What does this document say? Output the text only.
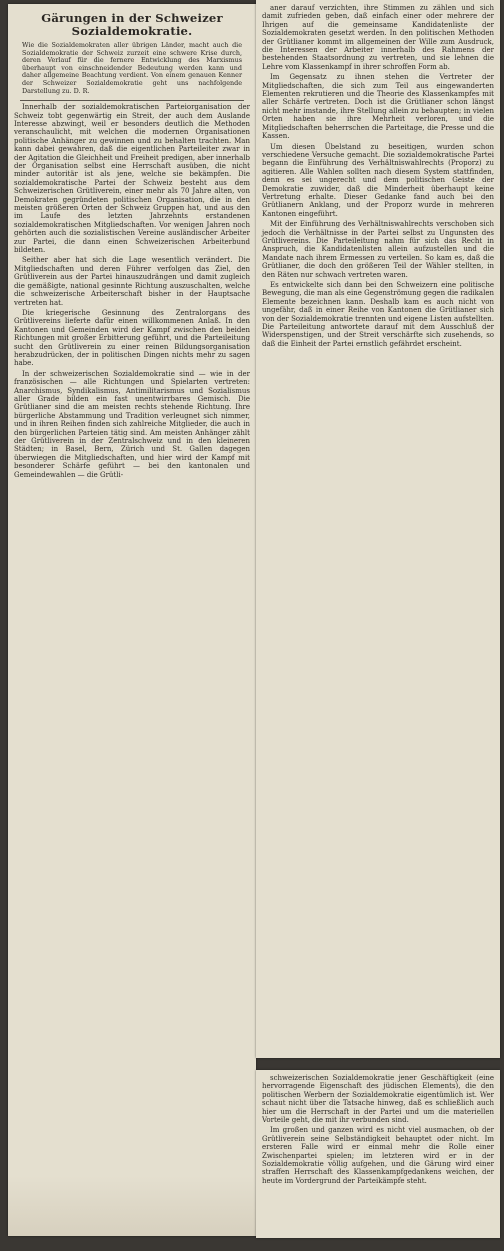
Gärungen in der Schweizer
Sozialdemokratie.
Wie die Sozialdemokraten aller übrigen Länder, macht auch die Sozialdemokratie der Schweiz zurzeit eine schwere Krise durch, deren Verlauf für die fernere Entwicklung des Marxismus überhaupt von einschneidender Bedeutung werden kann und daher allgemeine Beachtung verdient. Von einem genauen Kenner der Schweizer Sozialdemokratie geht uns nachfolgende Darstellung zu. D. R.

Innerhalb der sozialdemokratischen Parteiorganisation der Schweiz tobt gegenwärtig ein Streit, der auch dem Auslande Interesse abzwingt, weil er besonders deutlich die Methoden veranschaulicht, mit welchen die modernen Organisationen politische Anhänger zu gewinnen und zu behalten trachten. Man kann dabei gewahren, daß die eigentlichen Parteileiter zwar in der Agitation die Gleichheit und Freiheit predigen, aber innerhalb der Organisation selbst eine Herrschaft ausüben, die nicht minder autoritär ist als jene, welche sie bekämpfen. Die sozialdemokratische Partei der Schweiz besteht aus dem Schweizerischen Grütliverein, einer mehr als 70 Jahre alten, von Demokraten gegründeten politischen Organisation, die in den meisten größeren Orten der Schweiz Gruppen hat, und aus den im Laufe des letzten Jahrzehnts erstandenen sozialdemokratischen Mitgliedschaften. Vor wenigen Jahren noch gehörten auch die sozialistischen Vereine ausländischer Arbeiter zur Partei, die dann einen Schweizerischen Arbeiterbund bildeten.

Seither aber hat sich die Lage wesentlich verändert. Die Mitgliedschaften und deren Führer verfolgen das Ziel, den Grütliverein aus der Partei hinauszudrängen und damit zugleich die gemäßigte, national gesinnte Richtung auszuschalten, welche die schweizerische Arbeiterschaft bisher in der Hauptsache vertreten hat.

Die kriegerische Gesinnung des Zentralorgans des Grütlivereins lieferte dafür einen willkommenen Anlaß. In den Kantonen und Gemeinden wird der Kampf zwischen den beiden Richtungen mit großer Erbitterung geführt, und die Parteileitung sucht den Grütliverein zu einer reinen Bildungsorganisation herabzudrücken, der in politischen Dingen nichts mehr zu sagen habe.

In der schweizerischen Sozialdemokratie sind — wie in der französischen — alle Richtungen und Spielarten vertreten: Anarchismus, Syndikalismus, Antimilitarismus und Sozialismus aller Grade bilden ein fast unentwirrbares Gemisch. Die Grütlianer sind die am meisten rechts stehende Richtung. Ihre bürgerliche Abstammung und Tradition verleugnet sich nimmer, und in ihren Reihen finden sich zahlreiche Mitglieder, die auch in den bürgerlichen Parteien tätig sind. Am meisten Anhänger zählt der Grütliverein in der Zentralschweiz und in den kleineren Städten; in Basel, Bern, Zürich und St. Gallen dagegen überwiegen die Mitgliedschaften, und hier wird der Kampf mit besonderer Schärfe geführt — bei den kantonalen und Gemeindewahlen — die Grütli-

aner darauf verzichten, ihre Stimmen zu zählen und sich damit zufrieden geben, daß einfach einer oder mehrere der Ihrigen auf die gemeinsame Kandidatenliste der Sozialdemokraten gesetzt werden. In den politischen Methoden der Grütlianer kommt im allgemeinen der Wille zum Ausdruck, die Interessen der Arbeiter innerhalb des Rahmens der bestehenden Staatsordnung zu vertreten, und sie lehnen die Lehre vom Klassenkampf in ihrer schroffen Form ab.

Im Gegensatz zu ihnen stehen die Vertreter der Mitgliedschaften, die sich zum Teil aus eingewanderten Elementen rekrutieren und die Theorie des Klassenkampfes mit aller Schärfe vertreten. Doch ist die Grütlianer schon längst nicht mehr imstande, ihre Stellung allein zu behaupten; in vielen Orten haben sie ihre Mehrheit verloren, und die Mitgliedschaften beherrschen die Parteitage, die Presse und die Kassen.

Um diesen Übelstand zu beseitigen, wurden schon verschiedene Versuche gemacht. Die sozialdemokratische Partei begann die Einführung des Verhältniswahlrechts (Proporz) zu agitieren. Alle Wahlen sollten nach diesem System stattfinden, denn es sei ungerecht und dem politischen Geiste der Demokratie zuwider, daß die Minderheit überhaupt keine Vertretung erhalte. Dieser Gedanke fand auch bei den Grütlianern Anklang, und der Proporz wurde in mehreren Kantonen eingeführt.

Mit der Einführung des Verhältniswahlrechts verschoben sich jedoch die Verhältnisse in der Partei selbst zu Ungunsten des Grütlivereins. Die Parteileitung nahm für sich das Recht in Anspruch, die Kandidatenlisten allein aufzustellen und die Mandate nach ihrem Ermessen zu verteilen. So kam es, daß die Grütlianer, die doch den größeren Teil der Wähler stellten, in den Räten nur schwach vertreten waren.

Es entwickelte sich dann bei den Schweizern eine politische Bewegung, die man als eine Gegenströmung gegen die radikalen Elemente bezeichnen kann. Deshalb kam es auch nicht von ungefähr, daß in einer Reihe von Kantonen die Grütlianer sich von der Sozialdemokratie trennten und eigene Listen aufstellten. Die Parteileitung antwortete darauf mit dem Ausschluß der Widerspenstigen, und der Streit verschärfte sich zusehends, so daß die Einheit der Partei ernstlich gefährdet erscheint.

schweizerischen Sozialdemokratie jener Geschäftigkeit (eine hervorragende Eigenschaft des jüdischen Elements), die den politischen Werbern der Sozialdemokratie eigentümlich ist. Wer schaut nicht über die Tatsache hinweg, daß es schließlich auch hier um die Herrschaft in der Partei und um die materiellen Vorteile geht, die mit ihr verbunden sind.

Im großen und ganzen wird es nicht viel ausmachen, ob der Grütliverein seine Selbständigkeit behauptet oder nicht. Im ersteren Falle wird er einmal mehr die Rolle einer Zwischenpartei spielen; im letzteren wird er in der Sozialdemokratie völlig aufgehen, und die Gärung wird einer straffen Herrschaft des Klassenkampfgedankens weichen, der heute im Vordergrund der Parteikämpfe steht.
